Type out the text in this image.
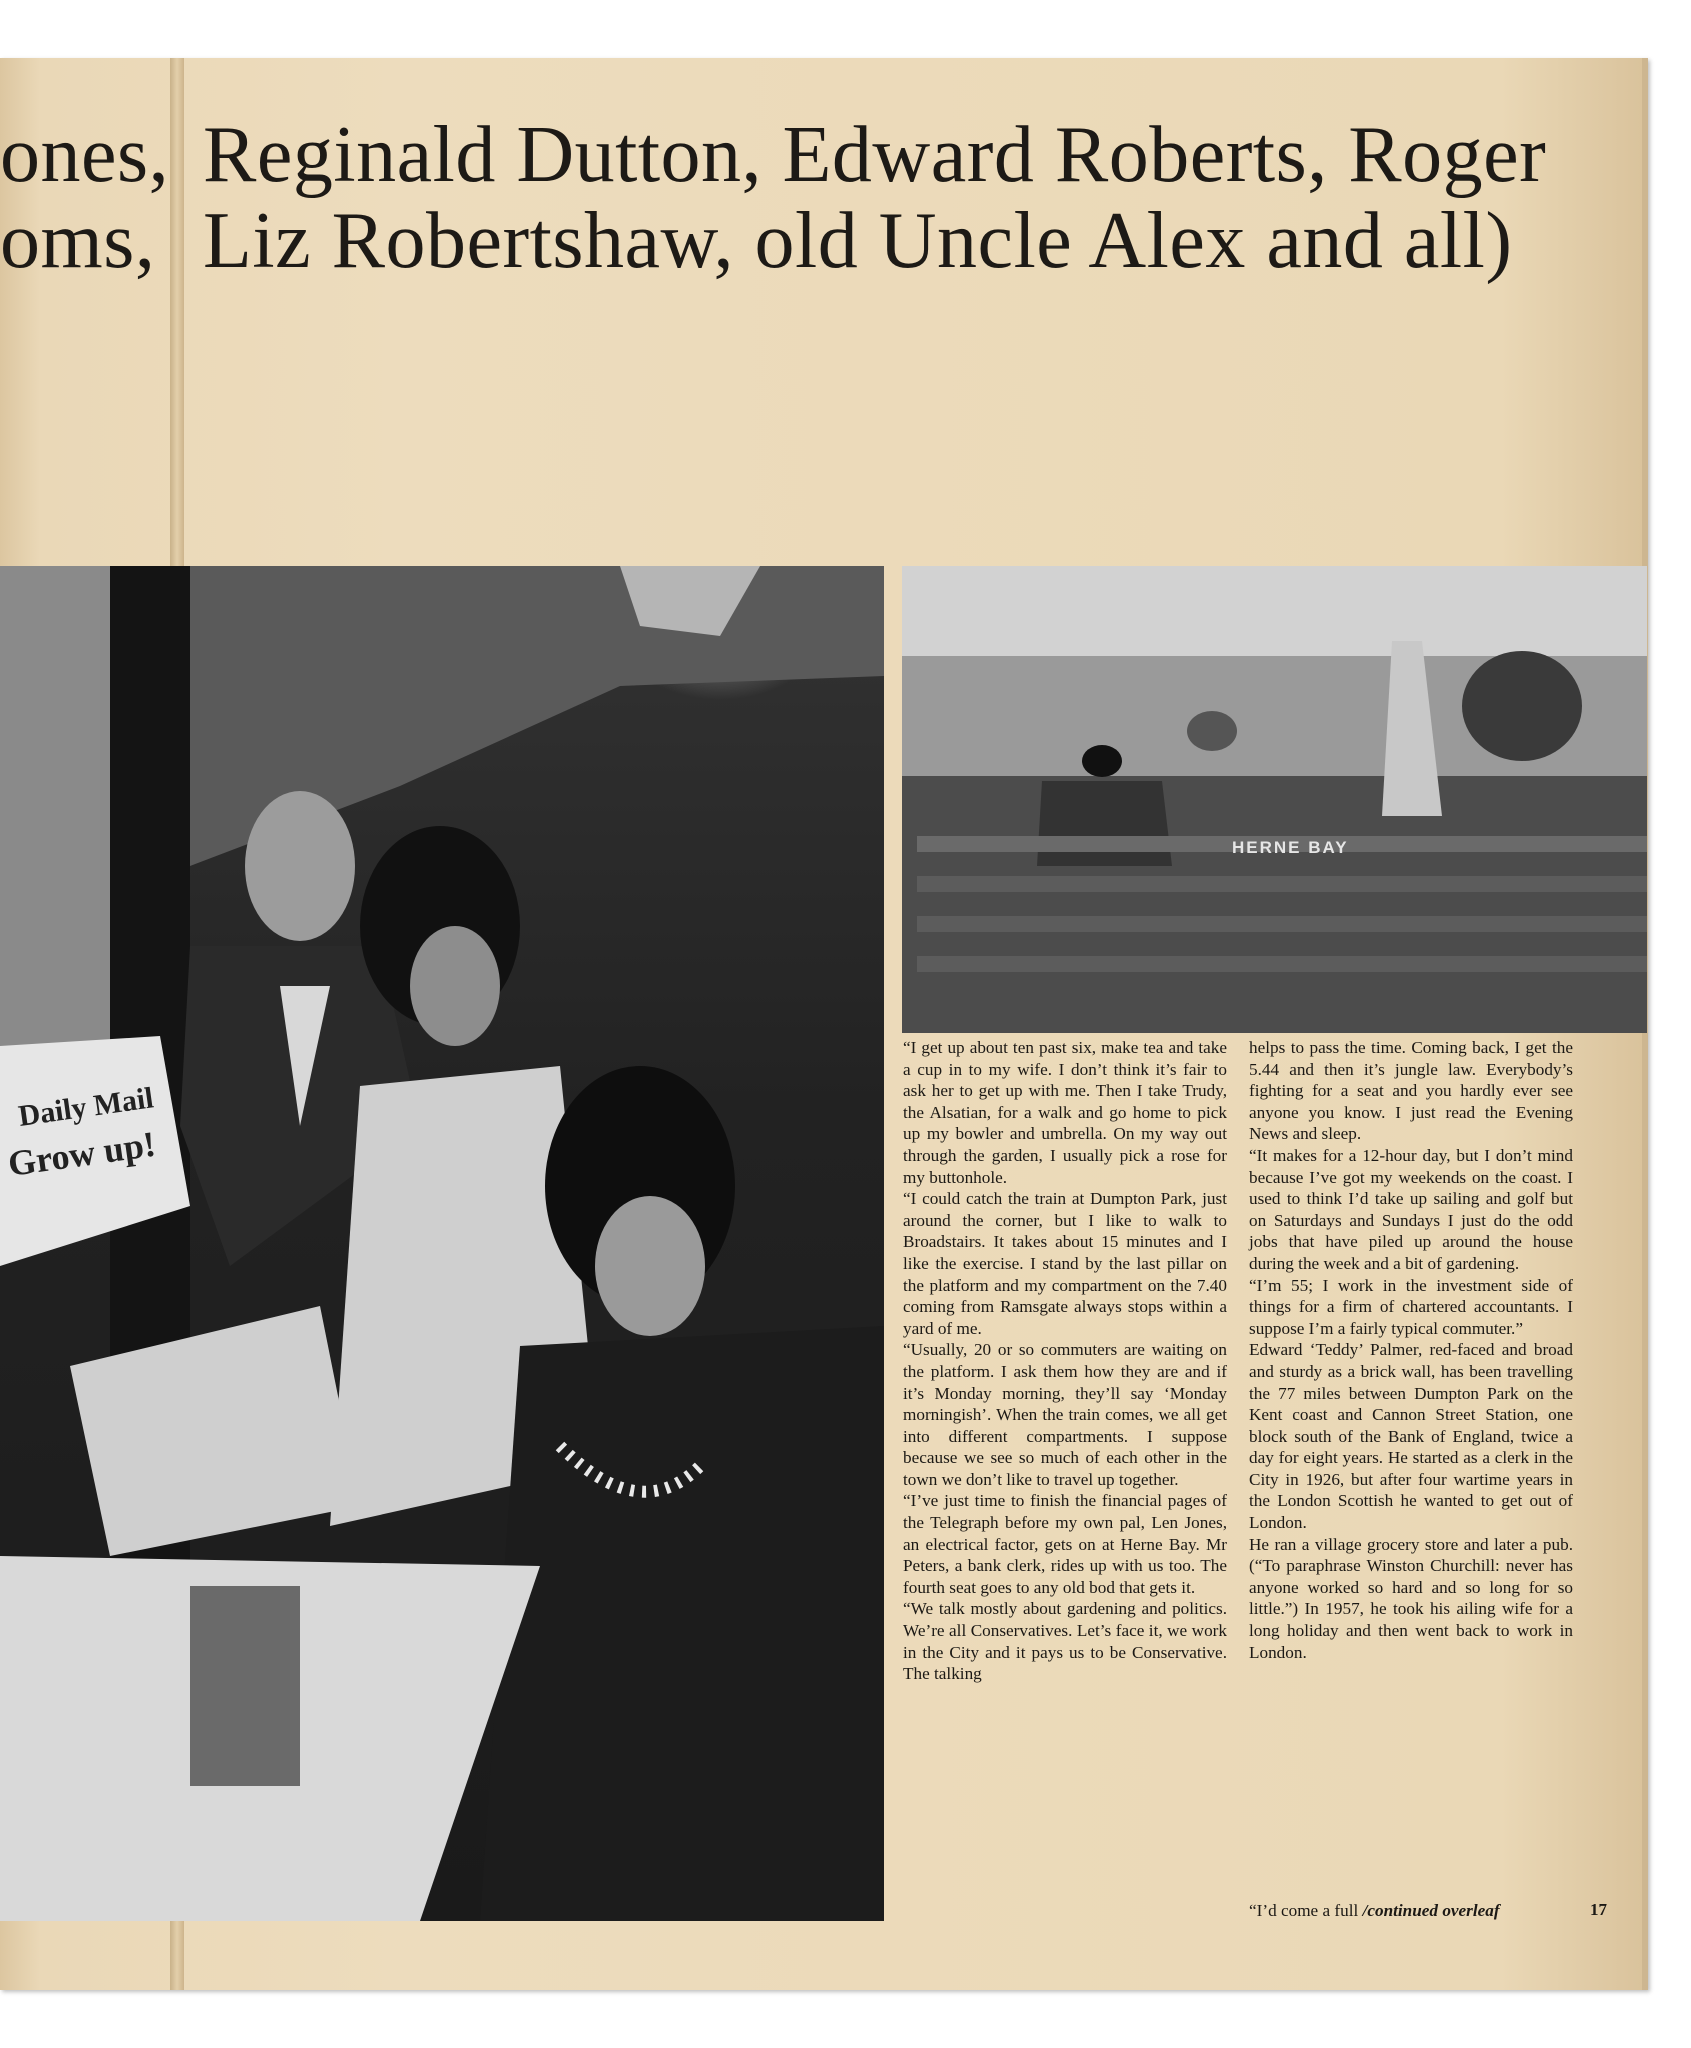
ones, Reginald Dutton, Edward Roberts, Roger
oms, Liz Robertshaw, old Uncle Alex and all)
Daily Mail
Grow up!
HERNE BAY

“I get up about ten past six, make tea and take a cup in to my wife. I don’t think it’s fair to ask her to get up with me. Then I take Trudy, the Alsatian, for a walk and go home to pick up my bowler and umbrella. On my way out through the garden, I usually pick a rose for my buttonhole.

“I could catch the train at Dumpton Park, just around the corner, but I like to walk to Broadstairs. It takes about 15 minutes and I like the exercise. I stand by the last pillar on the platform and my compartment on the 7.40 coming from Ramsgate always stops within a yard of me.

“Usually, 20 or so commuters are waiting on the platform. I ask them how they are and if it’s Monday morning, they’ll say ‘Monday morningish’. When the train comes, we all get into different compartments. I suppose because we see so much of each other in the town we don’t like to travel up together.

“I’ve just time to finish the financial pages of the Telegraph before my own pal, Len Jones, an electrical factor, gets on at Herne Bay. Mr Peters, a bank clerk, rides up with us too. The fourth seat goes to any old bod that gets it.

“We talk mostly about gardening and politics. We’re all Conservatives. Let’s face it, we work in the City and it pays us to be Conservative. The talking

helps to pass the time. Coming back, I get the 5.44 and then it’s jungle law. Everybody’s fighting for a seat and you hardly ever see anyone you know. I just read the Evening News and sleep.

“It makes for a 12-hour day, but I don’t mind because I’ve got my weekends on the coast. I used to think I’d take up sailing and golf but on Saturdays and Sundays I just do the odd jobs that have piled up around the house during the week and a bit of gardening.

“I’m 55; I work in the investment side of things for a firm of chartered accountants. I suppose I’m a fairly typical commuter.”

Edward ‘Teddy’ Palmer, red-faced and broad and sturdy as a brick wall, has been travelling the 77 miles between Dumpton Park on the Kent coast and Cannon Street Station, one block south of the Bank of England, twice a day for eight years. He started as a clerk in the City in 1926, but after four wartime years in the London Scottish he wanted to get out of London.

He ran a village grocery store and later a pub. (“To paraphrase Winston Churchill: never has anyone worked so hard and so long for so little.”) In 1957, he took his ailing wife for a long holiday and then went back to work in London.

“I’d come a full /continued overleaf	17
